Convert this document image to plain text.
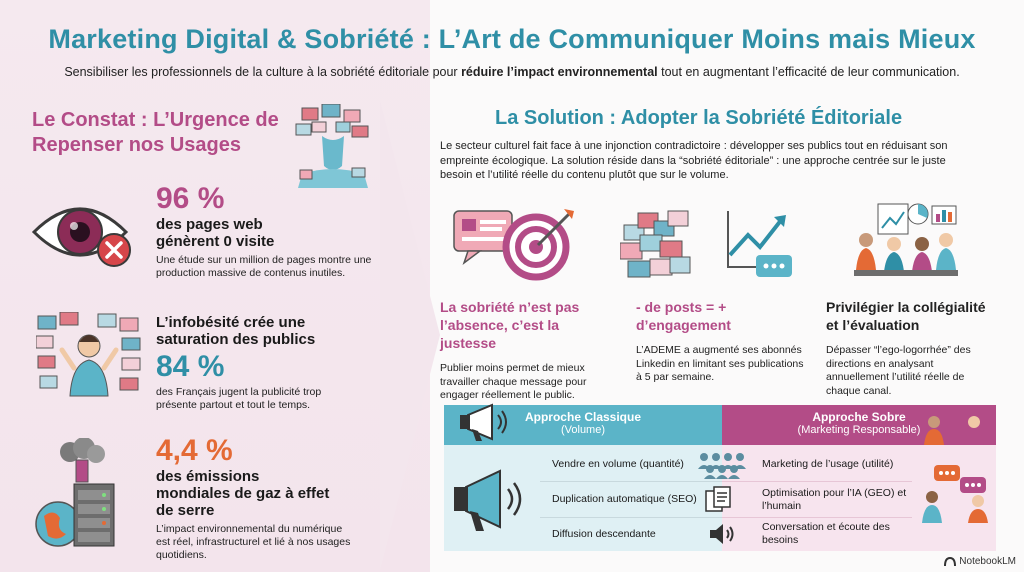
Marketing Digital & Sobriété : L’Art de Communiquer Moins mais Mieux
Sensibiliser les professionnels de la culture à la sobriété éditoriale pour réduire l’impact environnemental tout en augmentant l’efficacité de leur communication.
Le Constat : L’Urgence de Repenser nos Usages
96 %
des pages web génèrent 0 visite
Une étude sur un million de pages montre une production massive de contenus inutiles.
L’infobésité crée une saturation des publics
84 %
des Français jugent la publicité trop présente partout et tout le temps.
4,4 %
des émissions mondiales de gaz à effet de serre
L’impact environnemental du numérique est réel, infrastructurel et lié à nos usages quotidiens.
La Solution : Adopter la Sobriété Éditoriale
Le secteur culturel fait face à une injonction contradictoire : développer ses publics tout en réduisant son empreinte écologique. La solution réside dans la “sobriété éditoriale” : une approche centrée sur le juste besoin et l’utilité réelle du contenu plutôt que sur le volume.
La sobriété n’est pas l’absence, c’est la justesse
Publier moins permet de mieux travailler chaque message pour engager réellement le public.
- de posts = + d’engagement
L’ADEME a augmenté ses abonnés Linkedin en limitant ses publications à 5 par semaine.
Privilégier la collégialité et l’évaluation
Dépasser “l’ego-logorrhée” des directions en analysant annuellement l’utilité réelle de chaque canal.
Approche Classique
(Volume)
Approche Sobre
(Marketing Responsable)
Vendre en volume (quantité)
Duplication automatique (SEO)
Diffusion descendante
Marketing de l’usage (utilité)
Optimisation pour l’IA (GEO) et l’humain
Conversation et écoute des besoins
NotebookLM
